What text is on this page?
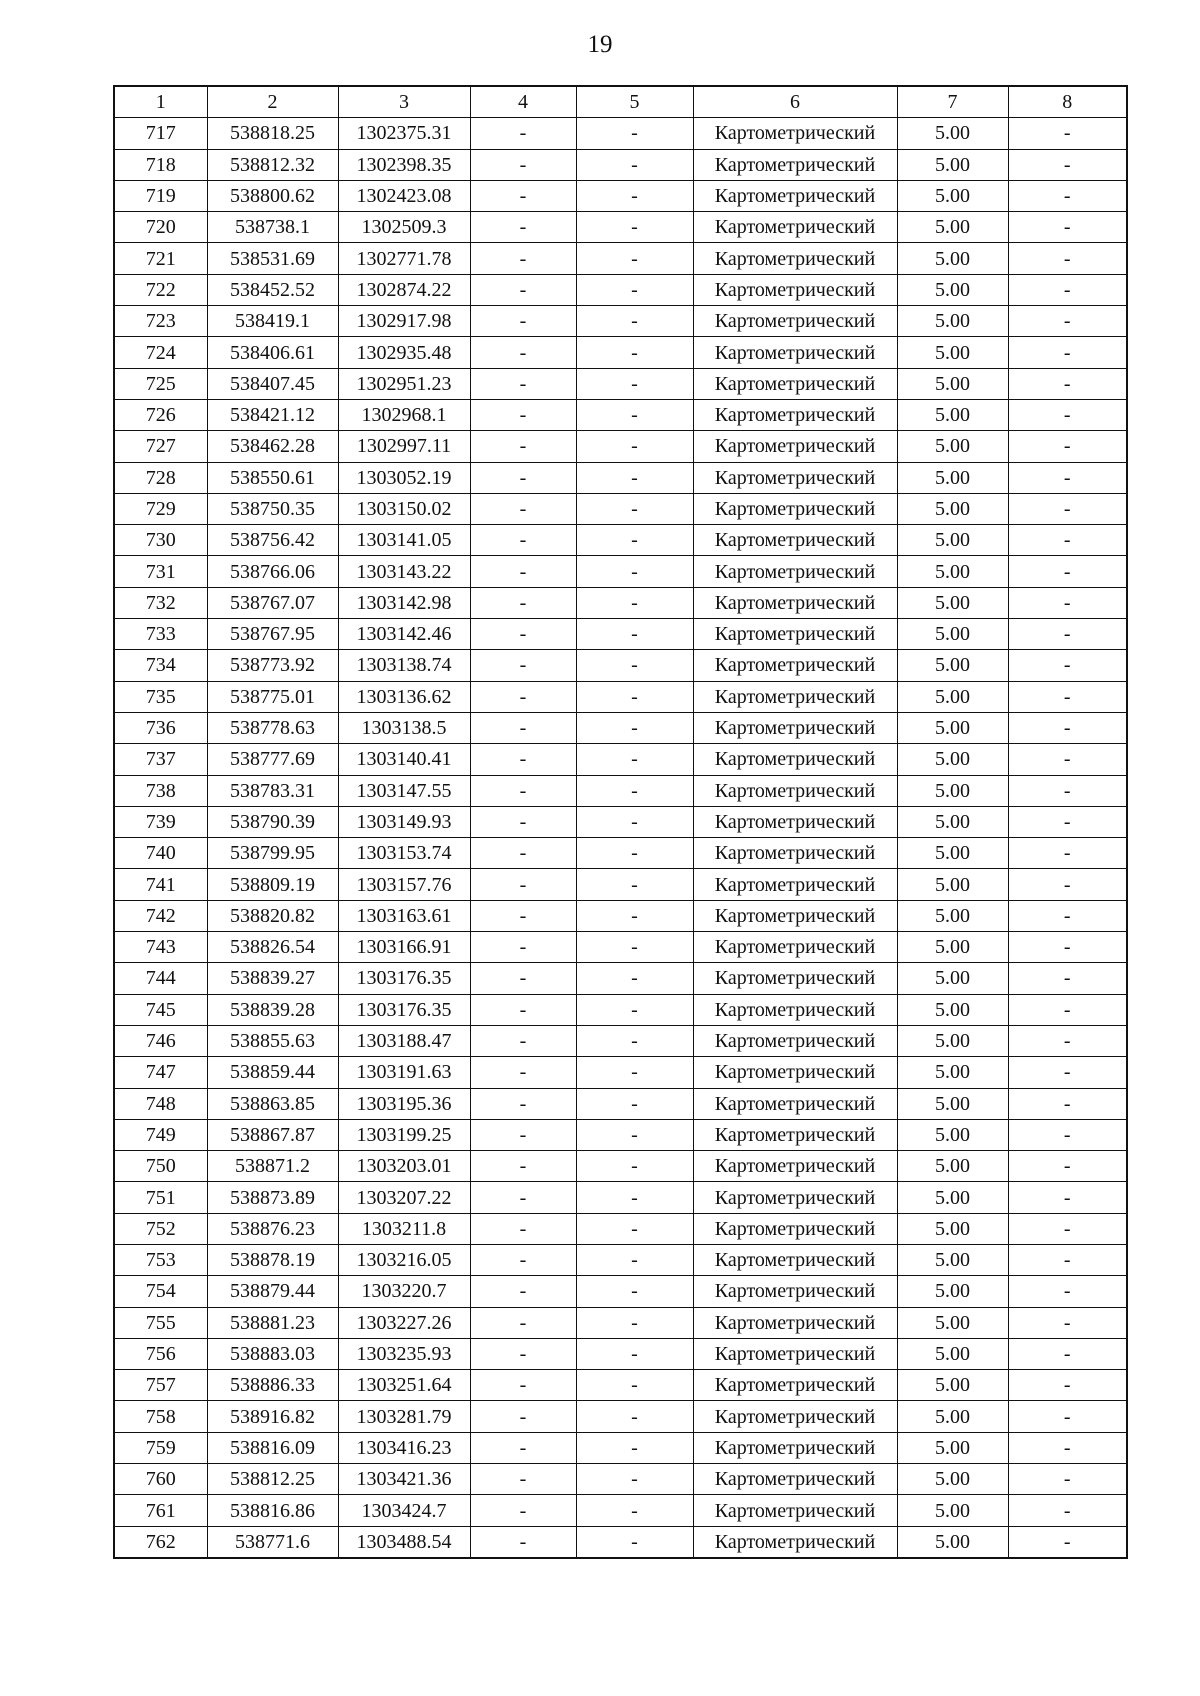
19
1	2	3	4	5	6	7	8
717	538818.25	1302375.31	-	-	Картометрический	5.00	-
718	538812.32	1302398.35	-	-	Картометрический	5.00	-
719	538800.62	1302423.08	-	-	Картометрический	5.00	-
720	538738.1	1302509.3	-	-	Картометрический	5.00	-
721	538531.69	1302771.78	-	-	Картометрический	5.00	-
722	538452.52	1302874.22	-	-	Картометрический	5.00	-
723	538419.1	1302917.98	-	-	Картометрический	5.00	-
724	538406.61	1302935.48	-	-	Картометрический	5.00	-
725	538407.45	1302951.23	-	-	Картометрический	5.00	-
726	538421.12	1302968.1	-	-	Картометрический	5.00	-
727	538462.28	1302997.11	-	-	Картометрический	5.00	-
728	538550.61	1303052.19	-	-	Картометрический	5.00	-
729	538750.35	1303150.02	-	-	Картометрический	5.00	-
730	538756.42	1303141.05	-	-	Картометрический	5.00	-
731	538766.06	1303143.22	-	-	Картометрический	5.00	-
732	538767.07	1303142.98	-	-	Картометрический	5.00	-
733	538767.95	1303142.46	-	-	Картометрический	5.00	-
734	538773.92	1303138.74	-	-	Картометрический	5.00	-
735	538775.01	1303136.62	-	-	Картометрический	5.00	-
736	538778.63	1303138.5	-	-	Картометрический	5.00	-
737	538777.69	1303140.41	-	-	Картометрический	5.00	-
738	538783.31	1303147.55	-	-	Картометрический	5.00	-
739	538790.39	1303149.93	-	-	Картометрический	5.00	-
740	538799.95	1303153.74	-	-	Картометрический	5.00	-
741	538809.19	1303157.76	-	-	Картометрический	5.00	-
742	538820.82	1303163.61	-	-	Картометрический	5.00	-
743	538826.54	1303166.91	-	-	Картометрический	5.00	-
744	538839.27	1303176.35	-	-	Картометрический	5.00	-
745	538839.28	1303176.35	-	-	Картометрический	5.00	-
746	538855.63	1303188.47	-	-	Картометрический	5.00	-
747	538859.44	1303191.63	-	-	Картометрический	5.00	-
748	538863.85	1303195.36	-	-	Картометрический	5.00	-
749	538867.87	1303199.25	-	-	Картометрический	5.00	-
750	538871.2	1303203.01	-	-	Картометрический	5.00	-
751	538873.89	1303207.22	-	-	Картометрический	5.00	-
752	538876.23	1303211.8	-	-	Картометрический	5.00	-
753	538878.19	1303216.05	-	-	Картометрический	5.00	-
754	538879.44	1303220.7	-	-	Картометрический	5.00	-
755	538881.23	1303227.26	-	-	Картометрический	5.00	-
756	538883.03	1303235.93	-	-	Картометрический	5.00	-
757	538886.33	1303251.64	-	-	Картометрический	5.00	-
758	538916.82	1303281.79	-	-	Картометрический	5.00	-
759	538816.09	1303416.23	-	-	Картометрический	5.00	-
760	538812.25	1303421.36	-	-	Картометрический	5.00	-
761	538816.86	1303424.7	-	-	Картометрический	5.00	-
762	538771.6	1303488.54	-	-	Картометрический	5.00	-
